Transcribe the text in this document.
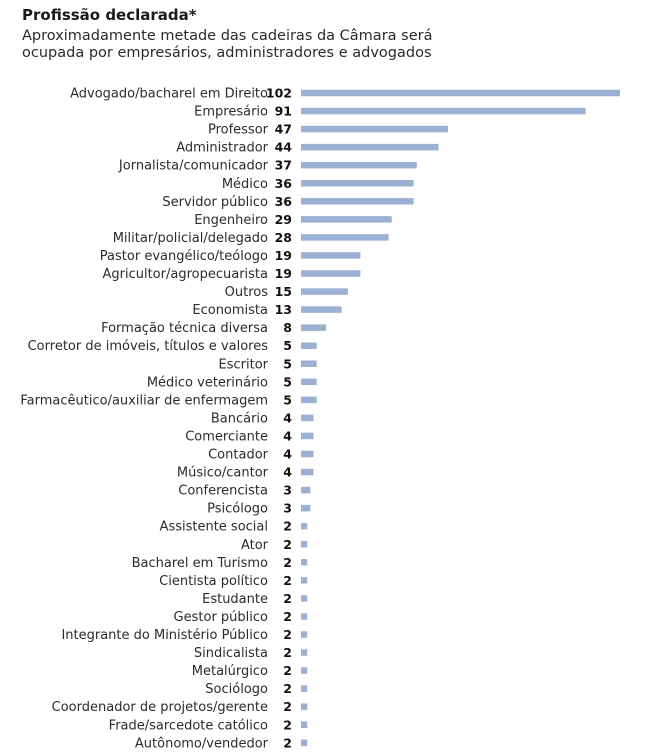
Profissão declarada*
Aproximadamente metade das cadeiras da Câmara será ocupada por empresários, administradores e advogados
Advogado/bacharel em Direito
102
Empresário 91
Professor 47
Administrador 44
Jornalista/comunicador 37
Médico 36
Servidor público 36
Engenheiro 29
Militar/policial/delegado 28
Pastor evangélico/teólogo 19
Agricultor/agropecuarista 19
Outros 15
Economista 13
Formação técnica diversa 8
Corretor de imóveis, títulos e valores 5
Escritor 5
Médico veterinário 5
Farmacêutico/auxiliar de enfermagem 5
Bancário 4
Comerciante 4
Contador 4
Músico/cantor 4
Conferencista 3
Psicólogo 3
Assistente social 2
Ator 2
Bacharel em Turismo 2
Cientista político 2
Estudante 2
Gestor público 2
Integrante do Ministério Público 2
Sindicalista 2
Metalúrgico 2
Sociólogo 2
Coordenador de projetos/gerente 2
Frade/sarcedote católico 2
Autônomo/vendedor 2
